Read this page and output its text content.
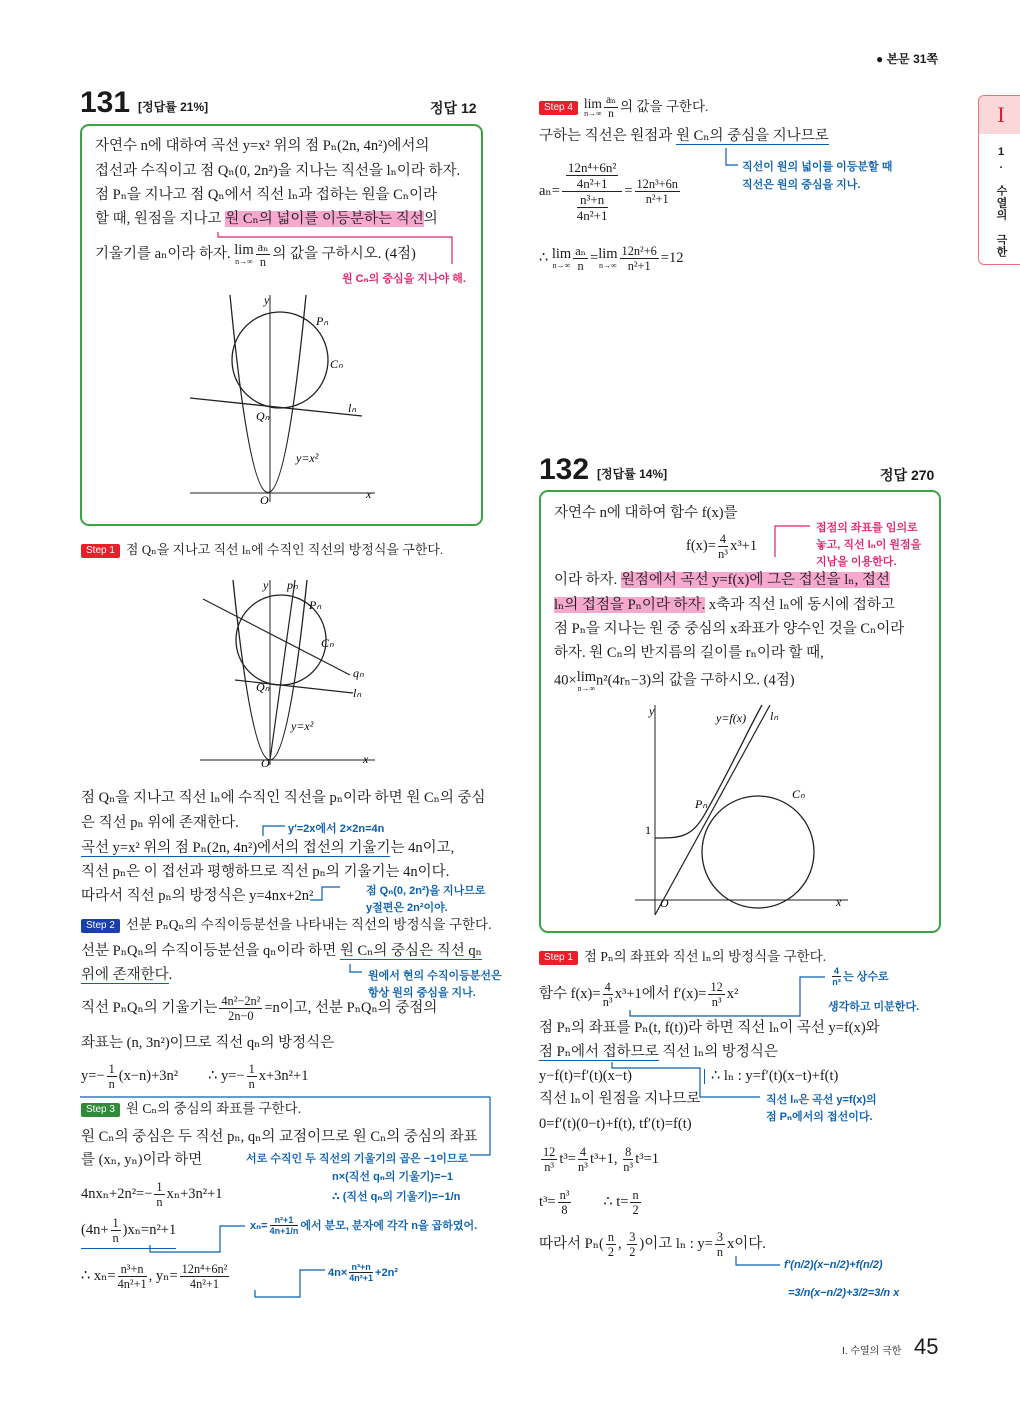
● 본문 31쪽
I
1. 수열의 극한
I. 수열의 극한 45
131 [정답률 21%]	정답 12
자연수 n에 대하여 곡선 y=x² 위의 점 Pₙ(2n, 4n²)에서의
접선과 수직이고 점 Qₙ(0, 2n²)을 지나는 직선을 lₙ이라 하자.
점 Pₙ을 지나고 점 Qₙ에서 직선 lₙ과 접하는 원을 Cₙ이라
할 때, 원점을 지나고 원 Cₙ의 넓이를 이등분하는 직선의
기울기를 aₙ이라 하자. lim
$n\to\infty \frac{\text{aₙ}}{n}$ 의 값을 구하시오. (4점)
원 Cₙ의 중심을 지나야 해.
y
x
O
Pₙ
Cₙ
Qₙ
lₙ
y=x²
Step 1 점 Qₙ을 지나고 직선 lₙ에 수직인 직선의 방정식을 구한다.
y pₙ
Pₙ
Cₙ
qₙ
Qₙ	lₙ
y=x²
O	x
점 Qₙ을 지나고 직선 lₙ에 수직인 직선을 pₙ이라 하면 원 Cₙ의 중심
은 직선 pₙ 위에 존재한다.	y′=2x에서 2×2n=4n
곡선 y=x² 위의 점 Pₙ(2n, 4n²)에서의 접선의 기울기는 4n이고,
직선 pₙ은 이 접선과 평행하므로 직선 pₙ의 기울기는 4n이다.
따라서 직선 pₙ의 방정식은 y=4nx+2n²	점 Qₙ(0, 2n²)을 지나므로
y절편은 2n²이야.
Step 2 선분 PₙQₙ의 수직이등분선을 나타내는 직선의 방정식을 구한다.
선분 PₙQₙ의 수직이등분선을 qₙ이라 하면 원 Cₙ의 중심은 직선 qₙ
위에 존재한다.	원에서 현의 수직이등분선은
항상 원의 중심을 지나.
직선 PₙQₙ의 기울기는 $\frac{\text{4n²−2n²}}{2n-0} =n$이고, 선분 PₙQₙ의 중점의
좌표는 (n, 3n²)이므로 직선 qₙ의 방정식은
$y=- \frac{1}{n} (x-n)+3n^2$ ∴ $y=- \frac{1}{n} x+3n^2+1$
Step 3 원 Cₙ의 중심의 좌표를 구한다.
원 Cₙ의 중심은 두 직선 pₙ, qₙ의 교점이므로 원 Cₙ의 중심의 좌표
를 (xₙ, yₙ)이라 하면	서로 수직인 두 직선의 기울기의 곱은 −1이므로
n×(직선 qₙ의 기울기)=−1
∴ (직선 qₙ의 기울기)=−1/n
$4nx_n+2n^2=- \frac{1}{n} x_n+3n^2+1$
$(4n+ \frac{1}{n} )x_n=n^2+1$	$x_n= \frac{\text{n²+1}}{4n+1/n}$ 에서 분모, 분자에 각각 n을 곱하였어.
∴ $x_n= \frac{\text{n³+n}}{\text{4n²+1}}$ , $y_n= \frac{\text{12n⁴+6n²}}{\text{4n²+1}}$	$4n\times \frac{\text{n³+n}}{\text{4n²+1}} +2n^2$
Step 4 lim
$n\to\infty \frac{\text{aₙ}}{n}$ 의 값을 구한다.
구하는 직선은 원점과 원 Cₙ의 중심을 지나므로
직선이 원의 넓이를 이등분할 때
직선은 원의 중심을 지나.
aₙ= 12n⁴+6n²
4n²+1
$\frac{\text{n³+n}}{\text{4n²+1}} = \frac{\text{12n³+6n}}{\text{n²+1}}$
∴ lim
$n\to\infty \frac{\text{aₙ}}{n} = \lim$
$n\to\infty \frac{\text{12n²+6}}{\text{n²+1}} =12$
132 [정답률 14%]	정답 270
자연수 n에 대하여 함수 f(x)를
$f(x)= \frac{4}{\text{n³}} x^3+1$
접점의 좌표를 임의로
놓고, 직선 lₙ이 원점을
지남을 이용한다.
이라 하자. 원점에서 곡선 y=f(x)에 그은 접선을 lₙ, 접선
lₙ의 접점을 Pₙ이라 하자. x축과 직선 lₙ에 동시에 접하고
점 Pₙ을 지나는 원 중 중심의 x좌표가 양수인 것을 Cₙ이라
하자. 원 Cₙ의 반지름의 길이를 rₙ이라 할 때,
40× lim
n→∞ n²(4rₙ−3)의 값을 구하시오. (4점)
y	y=f(x) lₙ
Pₙ
Cₙ
1
O	x
Step 1 점 Pₙ의 좌표와 직선 lₙ의 방정식을 구한다.
함수 $f(x)= \frac{4}{\text{n³}} x^3+1$에서 $f'(x)= \frac{12}{\text{n³}} x^2$
$\frac{4}{\text{n³}}$ 는 상수로
생각하고 미분한다.
점 Pₙ의 좌표를 Pₙ(t, f(t))라 하면 직선 lₙ이 곡선 y=f(x)와
점 Pₙ에서 접하므로 직선 lₙ의 방정식은
y−f(t)=f′(t)(x−t)	∴ lₙ : y=f′(t)(x−t)+f(t)
직선 lₙ이 원점을 지나므로	직선 lₙ은 곡선 y=f(x)의
점 Pₙ에서의 접선이다.
0=f′(t)(0−t)+f(t), tf′(t)=f(t)
$\frac{12}{\text{n³}} t^3= \frac{4}{\text{n³}} t^3+1$, $\frac{8}{\text{n³}} t^3=1$
$t^3= \frac{\text{n³}}{8}$ ∴ $t= \frac{n}{2}$
따라서 $P_n( \frac{n}{2}$ , $\frac{3}{2}$ )이고 lₙ : $y= \frac{3}{n}$ x이다.
f′(n/2)(x−n/2)+f(n/2)
=3/n(x−n/2)+3/2=3/n x
